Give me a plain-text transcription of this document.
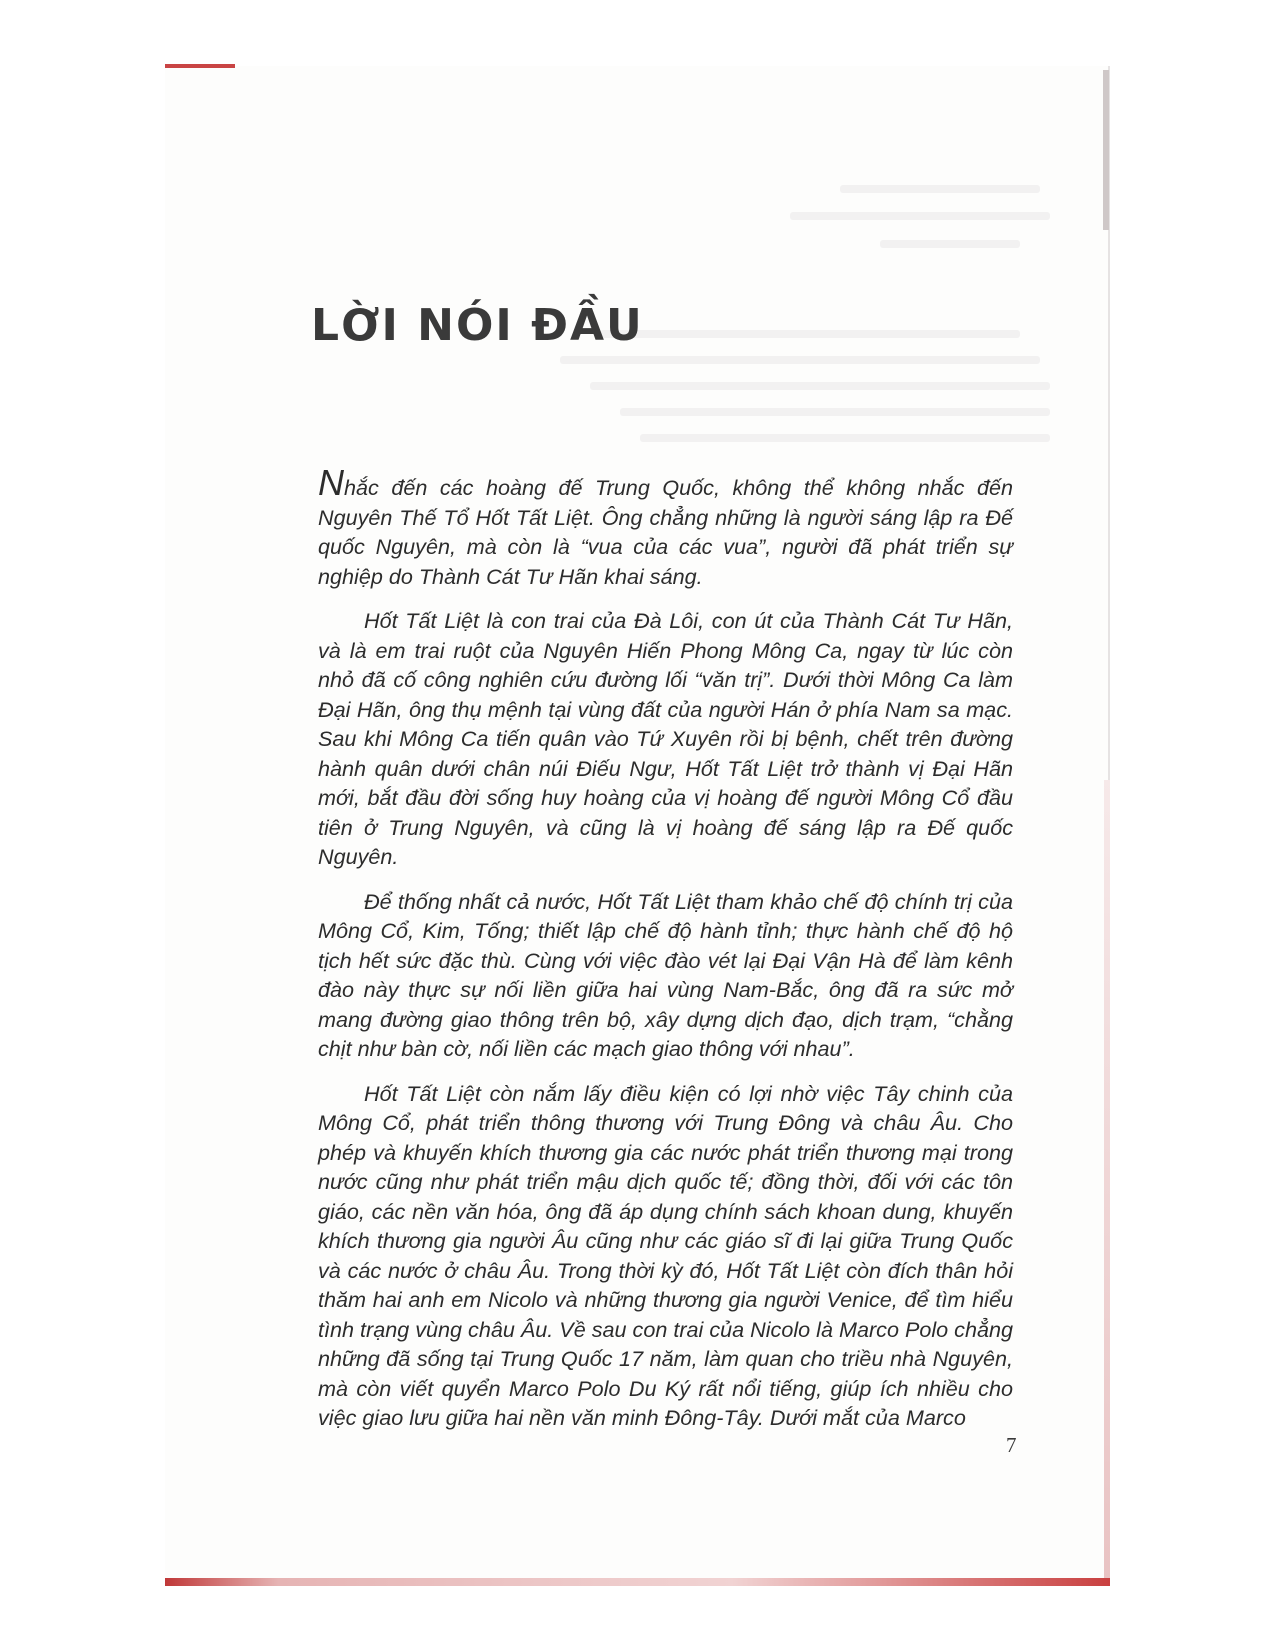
LỜI NÓI ĐẦU

Nhắc đến các hoàng đế Trung Quốc, không thể không nhắc đến Nguyên Thế Tổ Hốt Tất Liệt. Ông chẳng những là người sáng lập ra Đế quốc Nguyên, mà còn là “vua của các vua”, người đã phát triển sự nghiệp do Thành Cát Tư Hãn khai sáng.

Hốt Tất Liệt là con trai của Đà Lôi, con út của Thành Cát Tư Hãn, và là em trai ruột của Nguyên Hiến Phong Mông Ca, ngay từ lúc còn nhỏ đã cố công nghiên cứu đường lối “văn trị”. Dưới thời Mông Ca làm Đại Hãn, ông thụ mệnh tại vùng đất của người Hán ở phía Nam sa mạc. Sau khi Mông Ca tiến quân vào Tứ Xuyên rồi bị bệnh, chết trên đường hành quân dưới chân núi Điếu Ngư, Hốt Tất Liệt trở thành vị Đại Hãn mới, bắt đầu đời sống huy hoàng của vị hoàng đế người Mông Cổ đầu tiên ở Trung Nguyên, và cũng là vị hoàng đế sáng lập ra Đế quốc Nguyên.

Để thống nhất cả nước, Hốt Tất Liệt tham khảo chế độ chính trị của Mông Cổ, Kim, Tống; thiết lập chế độ hành tỉnh; thực hành chế độ hộ tịch hết sức đặc thù. Cùng với việc đào vét lại Đại Vận Hà để làm kênh đào này thực sự nối liền giữa hai vùng Nam-Bắc, ông đã ra sức mở mang đường giao thông trên bộ, xây dựng dịch đạo, dịch trạm, “chằng chịt như bàn cờ, nối liền các mạch giao thông với nhau”.

Hốt Tất Liệt còn nắm lấy điều kiện có lợi nhờ việc Tây chinh của Mông Cổ, phát triển thông thương với Trung Đông và châu Âu. Cho phép và khuyến khích thương gia các nước phát triển thương mại trong nước cũng như phát triển mậu dịch quốc tế; đồng thời, đối với các tôn giáo, các nền văn hóa, ông đã áp dụng chính sách khoan dung, khuyến khích thương gia người Âu cũng như các giáo sĩ đi lại giữa Trung Quốc và các nước ở châu Âu. Trong thời kỳ đó, Hốt Tất Liệt còn đích thân hỏi thăm hai anh em Nicolo và những thương gia người Venice, để tìm hiểu tình trạng vùng châu Âu. Về sau con trai của Nicolo là Marco Polo chẳng những đã sống tại Trung Quốc 17 năm, làm quan cho triều nhà Nguyên, mà còn viết quyển Marco Polo Du Ký rất nổi tiếng, giúp ích nhiều cho việc giao lưu giữa hai nền văn minh Đông-Tây. Dưới mắt của Marco

7
